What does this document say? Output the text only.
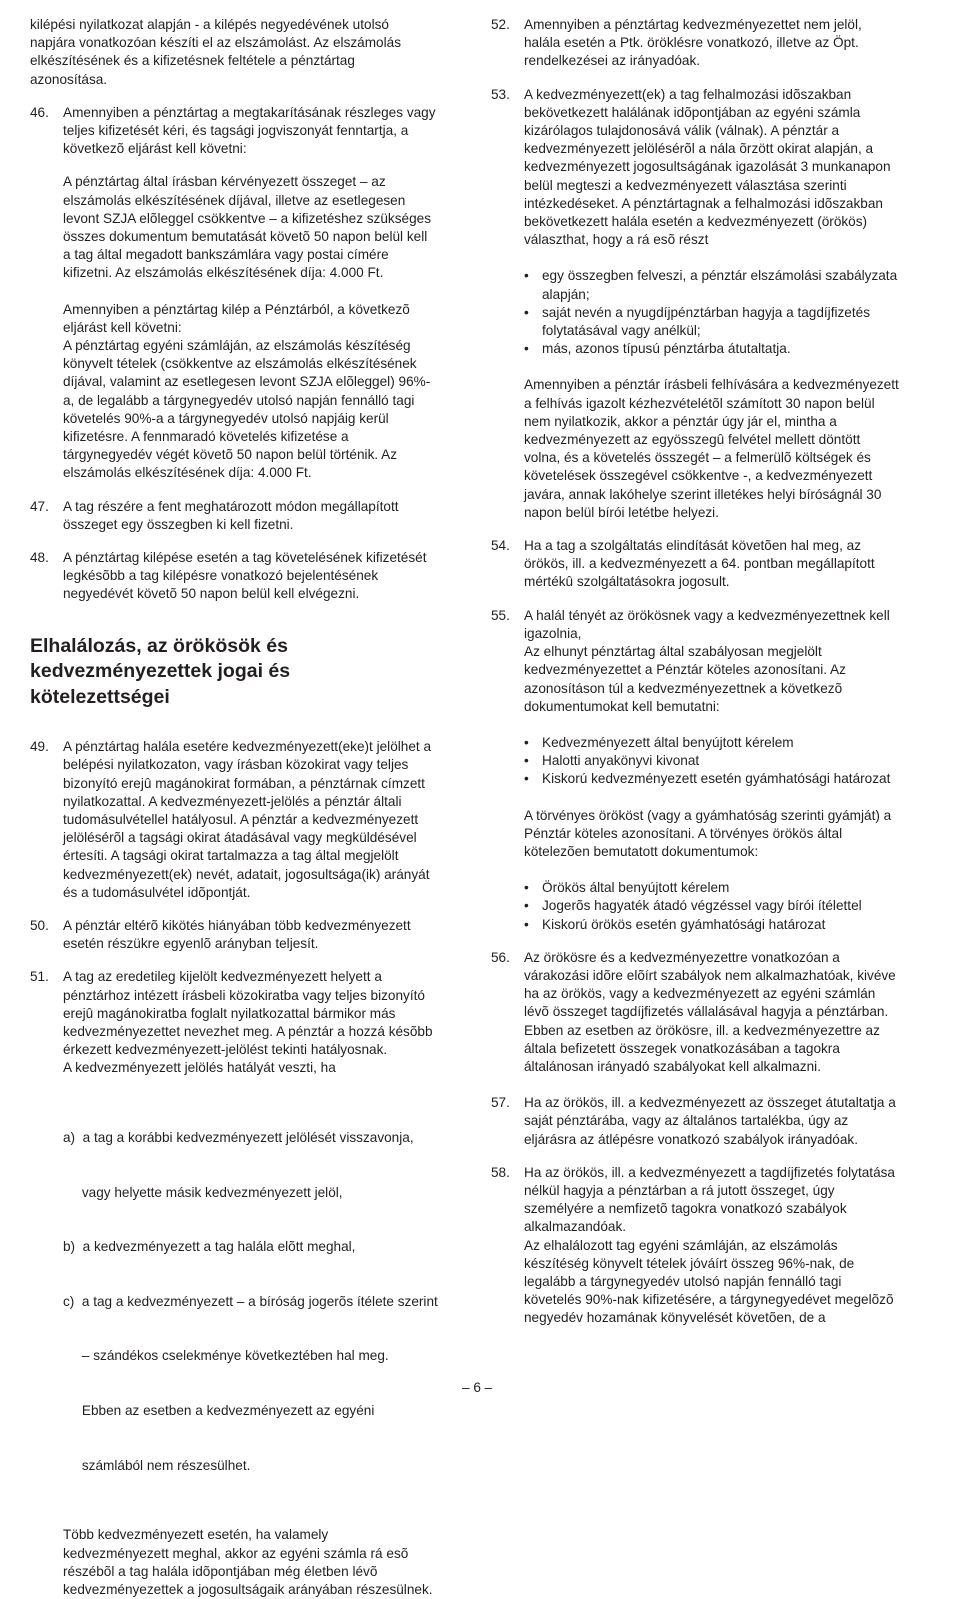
kilépési nyilatkozat alapján - a kilépés negyedévének utolsó
napjára vonatkozóan készíti el az elszámolást. Az elszámolás
elkészítésének és a kifizetésnek feltétele a pénztártag
azonosítása.
46. Amennyiben a pénztártag a megtakarításának részleges vagy
teljes kifizetését kéri, és tagsági jogviszonyát fenntartja, a
következõ eljárást kell követni:
A pénztártag által írásban kérvényezett összeget – az
elszámolás elkészítésének díjával, illetve az esetlegesen
levont SZJA elõleggel csökkentve – a kifizetéshez szükséges
összes dokumentum bemutatását követõ 50 napon belül kell
a tag által megadott bankszámlára vagy postai címére
kifizetni. Az elszámolás elkészítésének díja: 4.000 Ft.
Amennyiben a pénztártag kilép a Pénztárból, a következõ
eljárást kell követni:
A pénztártag egyéni számláján, az elszámolás készítéség
könyvelt tételek (csökkentve az elszámolás elkészítésének
díjával, valamint az esetlegesen levont SZJA elõleggel) 96%-
a, de legalább a tárgynegyedév utolsó napján fennálló tagi
követelés 90%-a a tárgynegyedév utolsó napjáig kerül
kifizetésre. A fennmaradó követelés kifizetése a
tárgynegyedév végét követõ 50 napon belül történik. Az
elszámolás elkészítésének díja: 4.000 Ft.
47. A tag részére a fent meghatározott módon megállapított
összeget egy összegben ki kell fizetni.
48. A pénztártag kilépése esetén a tag követelésének kifizetését
legkésõbb a tag kilépésre vonatkozó bejelentésének
negyedévét követõ 50 napon belül kell elvégezni.
Elhalálozás, az örökösök és
kedvezményezettek jogai és
kötelezettségei
49. A pénztártag halála esetére kedvezményezett(eke)t jelölhet a
belépési nyilatkozaton, vagy írásban közokirat vagy teljes
bizonyító erejû magánokirat formában, a pénztárnak címzett
nyilatkozattal. A kedvezményezett-jelölés a pénztár általi
tudomásulvétellel hatályosul. A pénztár a kedvezményezett
jelölésérõl a tagsági okirat átadásával vagy megküldésével
értesíti. A tagsági okirat tartalmazza a tag által megjelölt
kedvezményezett(ek) nevét, adatait, jogosultsága(ik) arányát
és a tudomásulvétel idõpontját.
50. A pénztár eltérõ kikötés hiányában több kedvezményezett
esetén részükre egyenlõ arányban teljesít.
51. A tag az eredetileg kijelölt kedvezményezett helyett a
pénztárhoz intézett írásbeli közokiratba vagy teljes bizonyító
erejû magánokiratba foglalt nyilatkozattal bármikor más
kedvezményezettet nevezhet meg. A pénztár a hozzá késõbb
érkezett kedvezményezett-jelölést tekinti hatályosnak.
A kedvezményezett jelölés hatályát veszti, ha

a)  a tag a korábbi kedvezményezett jelölését visszavonja,

vagy helyette másik kedvezményezett jelöl,

b)  a kedvezményezett a tag halála elõtt meghal,

c)  a tag a kedvezményezett – a bíróság jogerõs ítélete szerint

– szándékos cselekménye következtében hal meg.

Ebben az esetben a kedvezményezett az egyéni

számlából nem részesülhet.

Több kedvezményezett esetén, ha valamely
kedvezményezett meghal, akkor az egyéni számla rá esõ
részébõl a tag halála idõpontjában még életben lévõ
kedvezményezettek a jogosultságaik arányában részesülnek.
52. Amennyiben a pénztártag kedvezményezettet nem jelöl,
halála esetén a Ptk. öröklésre vonatkozó, illetve az Öpt.
rendelkezései az irányadóak.
53. A kedvezményezett(ek) a tag felhalmozási idõszakban
bekövetkezett halálának idõpontjában az egyéni számla
kizárólagos tulajdonosává válik (válnak). A pénztár a
kedvezményezett jelölésérõl a nála õrzött okirat alapján, a
kedvezményezett jogosultságának igazolását 3 munkanapon
belül megteszi a kedvezményezett választása szerinti
intézkedéseket. A pénztártagnak a felhalmozási idõszakban
bekövetkezett halála esetén a kedvezményezett (örökös)
választhat, hogy a rá esõ részt
• egy összegben felveszi, a pénztár elszámolási szabályzata
alapján;
• saját nevén a nyugdíjpénztárban hagyja a tagdíjfizetés
folytatásával vagy anélkül;
• más, azonos típusú pénztárba átutaltatja.
Amennyiben a pénztár írásbeli felhívására a kedvezményezett
a felhívás igazolt kézhezvételétõl számított 30 napon belül
nem nyilatkozik, akkor a pénztár úgy jár el, mintha a
kedvezményezett az egyösszegû felvétel mellett döntött
volna, és a követelés összegét – a felmerülõ költségek és
követelések összegével csökkentve -, a kedvezményezett
javára, annak lakóhelye szerint illetékes helyi bíróságnál 30
napon belül bírói letétbe helyezi.
54. Ha a tag a szolgáltatás elindítását követõen hal meg, az
örökös, ill. a kedvezményezett a 64. pontban megállapított
mértékû szolgáltatásokra jogosult.
55. A halál tényét az örökösnek vagy a kedvezményezettnek kell
igazolnia,
Az elhunyt pénztártag által szabályosan megjelölt
kedvezményezettet a Pénztár köteles azonosítani. Az
azonosításon túl a kedvezményezettnek a következõ
dokumentumokat kell bemutatni:
• Kedvezményezett által benyújtott kérelem
• Halotti anyakönyvi kivonat
• Kiskorú kedvezményezett esetén gyámhatósági határozat
A törvényes örököst (vagy a gyámhatóság szerinti gyámját) a
Pénztár köteles azonosítani. A törvényes örökös által
kötelezõen bemutatott dokumentumok:
• Örökös által benyújtott kérelem
• Jogerõs hagyaték átadó végzéssel vagy bírói ítélettel
• Kiskorú örökös esetén gyámhatósági határozat
56. Az örökösre és a kedvezményezettre vonatkozóan a
várakozási idõre elõírt szabályok nem alkalmazhatóak, kivéve
ha az örökös, vagy a kedvezményezett az egyéni számlán
lévõ összeget tagdíjfizetés vállalásával hagyja a pénztárban.
Ebben az esetben az örökösre, ill. a kedvezményezettre az
általa befizetett összegek vonatkozásában a tagokra
általánosan irányadó szabályokat kell alkalmazni.
57. Ha az örökös, ill. a kedvezményezett az összeget átutaltatja a
saját pénztárába, vagy az általános tartalékba, úgy az
eljárásra az átlépésre vonatkozó szabályok irányadóak.
58. Ha az örökös, ill. a kedvezményezett a tagdíjfizetés folytatása
nélkül hagyja a pénztárban a rá jutott összeget, úgy
személyére a nemfizetõ tagokra vonatkozó szabályok
alkalmazandóak.
Az elhalálozott tag egyéni számláján, az elszámolás
készítéség könyvelt tételek jóváírt összeg 96%-nak, de
legalább a tárgynegyedév utolsó napján fennálló tagi
követelés 90%-nak kifizetésére, a tárgynegyedévet megelõzõ
negyedév hozamának könyvelését követõen, de a
– 6 –
